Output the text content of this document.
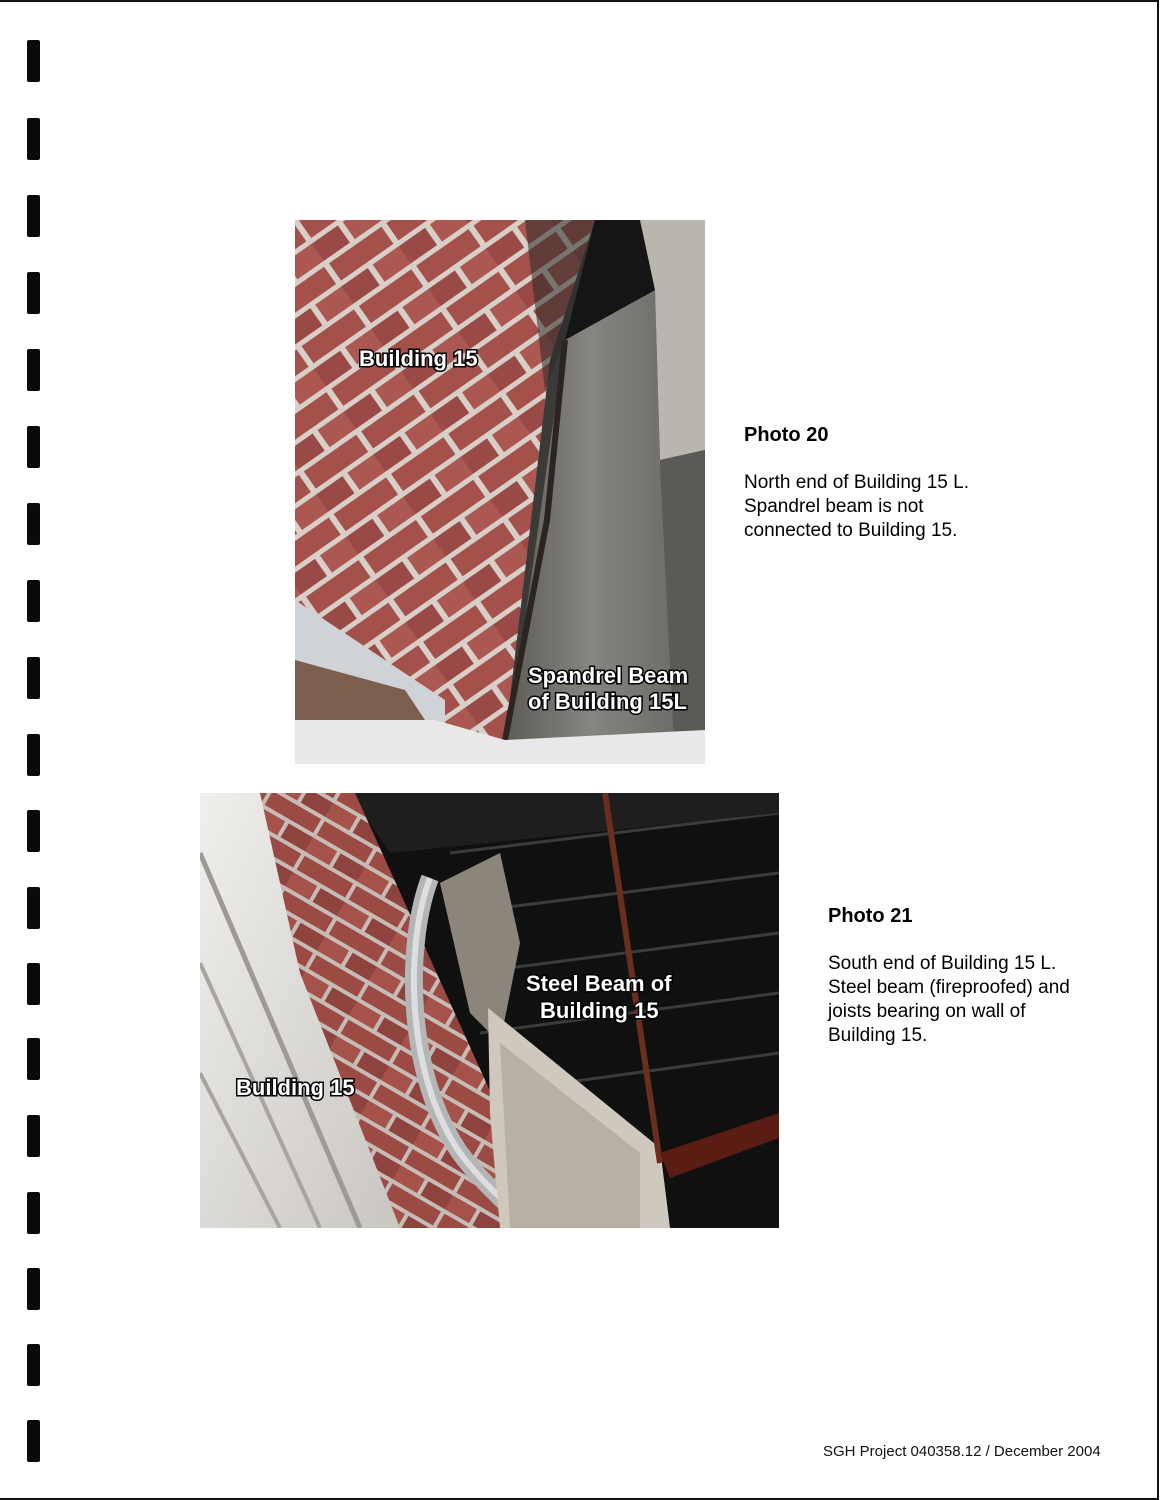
Building 15
Spandrel Beam
of Building 15L
Photo 20

North end of Building 15 L.
Spandrel beam is not
connected to Building 15.

Steel Beam of
Building 15
Building 15
Photo 21

South end of Building 15 L.
Steel beam (fireproofed) and
joists bearing on wall of
Building 15.

SGH Project 040358.12 / December 2004
